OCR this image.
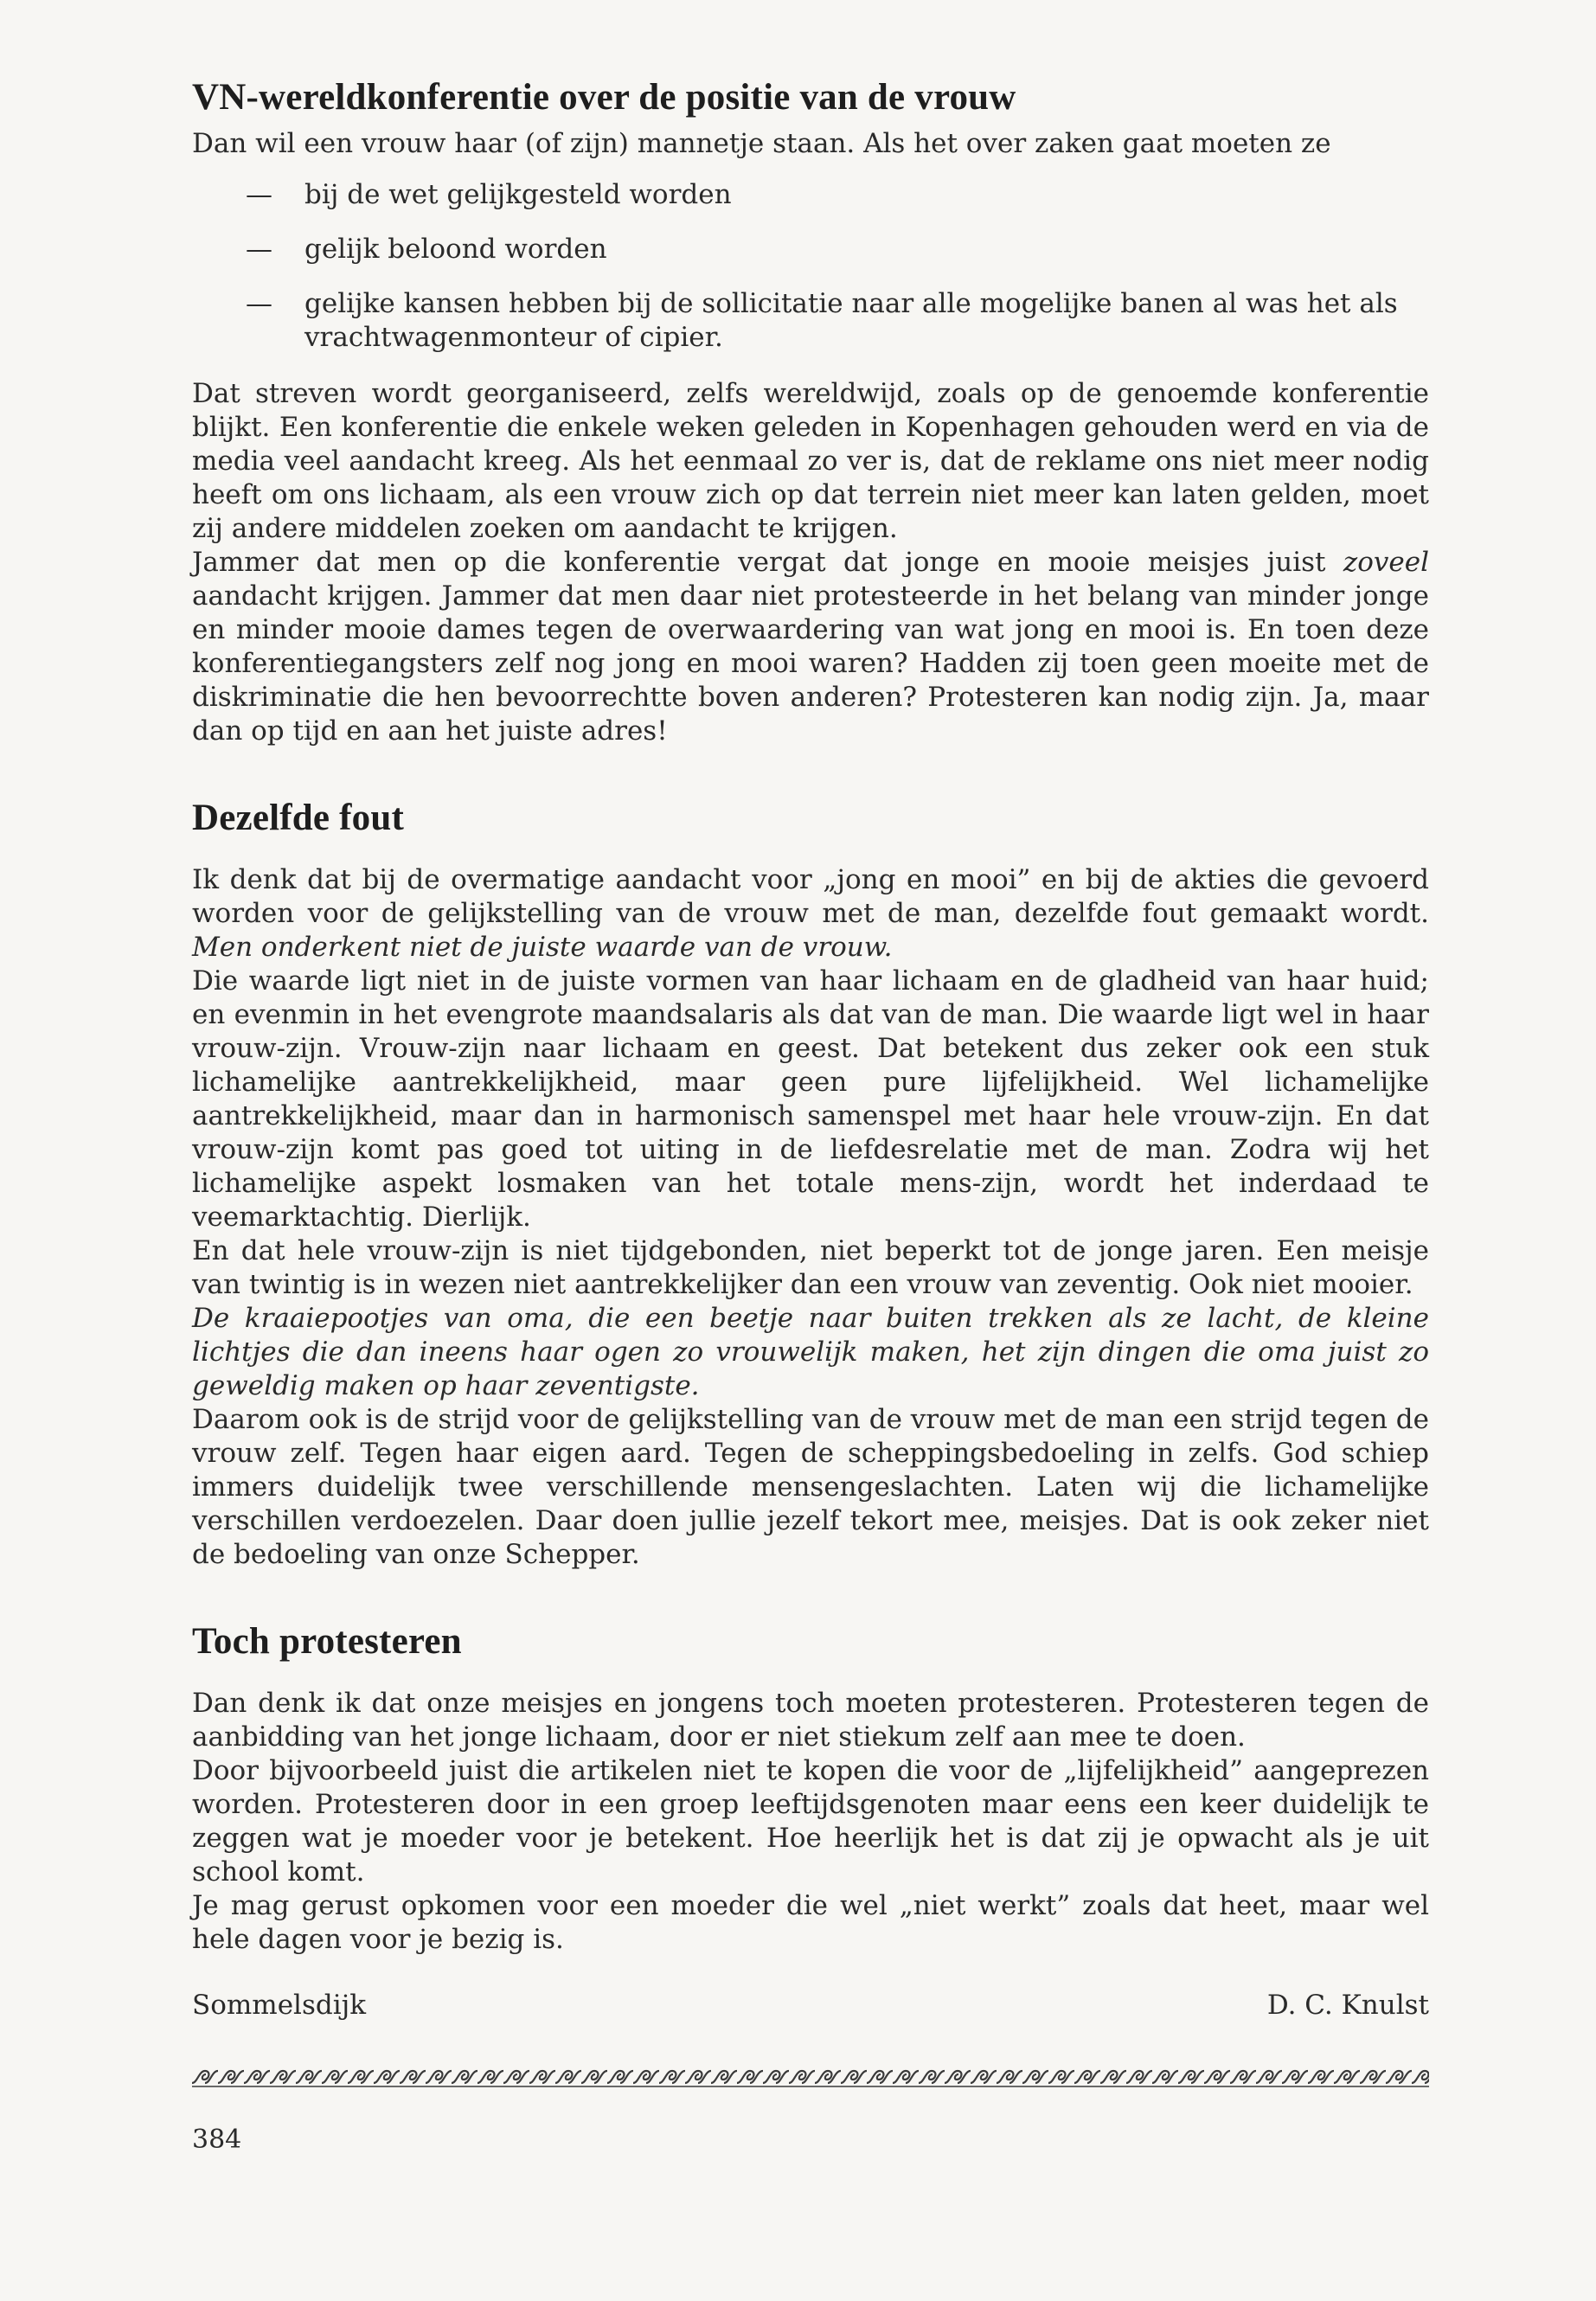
VN-wereldkonferentie over de positie van de vrouw

Dan wil een vrouw haar (of zijn) mannetje staan. Als het over zaken gaat moeten ze

—	bij de wet gelijkgesteld worden
—	gelijk beloond worden
—	gelijke kansen hebben bij de sollicitatie naar alle mogelijke banen al was het als vrachtwagenmonteur of cipier.

Dat streven wordt georganiseerd, zelfs wereldwijd, zoals op de genoemde konferentie blijkt. Een konferentie die enkele weken geleden in Kopenhagen gehouden werd en via de media veel aandacht kreeg. Als het eenmaal zo ver is, dat de reklame ons niet meer nodig heeft om ons lichaam, als een vrouw zich op dat terrein niet meer kan laten gelden, moet zij andere middelen zoeken om aandacht te krijgen.

Jammer dat men op die konferentie vergat dat jonge en mooie meisjes juist zoveel aandacht krijgen. Jammer dat men daar niet protesteerde in het belang van minder jonge en minder mooie dames tegen de overwaardering van wat jong en mooi is. En toen deze konferentiegangsters zelf nog jong en mooi waren? Hadden zij toen geen moeite met de diskriminatie die hen bevoorrechtte boven anderen? Protesteren kan nodig zijn. Ja, maar dan op tijd en aan het juiste adres!

Dezelfde fout

Ik denk dat bij de overmatige aandacht voor „jong en mooi” en bij de akties die gevoerd worden voor de gelijkstelling van de vrouw met de man, dezelfde fout gemaakt wordt. Men onderkent niet de juiste waarde van de vrouw.

Die waarde ligt niet in de juiste vormen van haar lichaam en de gladheid van haar huid; en evenmin in het evengrote maandsalaris als dat van de man. Die waarde ligt wel in haar vrouw-zijn. Vrouw-zijn naar lichaam en geest. Dat betekent dus zeker ook een stuk lichamelijke aantrekkelijkheid, maar geen pure lijfelijkheid. Wel lichamelijke aantrekkelijkheid, maar dan in harmonisch samenspel met haar hele vrouw-zijn. En dat vrouw-zijn komt pas goed tot uiting in de liefdesrelatie met de man. Zodra wij het lichamelijke aspekt losmaken van het totale mens-zijn, wordt het inderdaad te veemarktachtig. Dierlijk.

En dat hele vrouw-zijn is niet tijdgebonden, niet beperkt tot de jonge jaren. Een meisje van twintig is in wezen niet aantrekkelijker dan een vrouw van zeventig. Ook niet mooier.

De kraaiepootjes van oma, die een beetje naar buiten trekken als ze lacht, de kleine lichtjes die dan ineens haar ogen zo vrouwelijk maken, het zijn dingen die oma juist zo geweldig maken op haar zeventigste.

Daarom ook is de strijd voor de gelijkstelling van de vrouw met de man een strijd tegen de vrouw zelf. Tegen haar eigen aard. Tegen de scheppingsbedoeling in zelfs. God schiep immers duidelijk twee verschillende mensengeslachten. Laten wij die lichamelijke verschillen verdoezelen. Daar doen jullie jezelf tekort mee, meisjes. Dat is ook zeker niet de bedoeling van onze Schepper.

Toch protesteren

Dan denk ik dat onze meisjes en jongens toch moeten protesteren. Protesteren tegen de aanbidding van het jonge lichaam, door er niet stiekum zelf aan mee te doen.

Door bijvoorbeeld juist die artikelen niet te kopen die voor de „lijfelijkheid” aangeprezen worden. Protesteren door in een groep leeftijdsgenoten maar eens een keer duidelijk te zeggen wat je moeder voor je betekent. Hoe heerlijk het is dat zij je opwacht als je uit school komt.

Je mag gerust opkomen voor een moeder die wel „niet werkt” zoals dat heet, maar wel hele dagen voor je bezig is.

Sommelsdijk	D. C. Knulst
384
